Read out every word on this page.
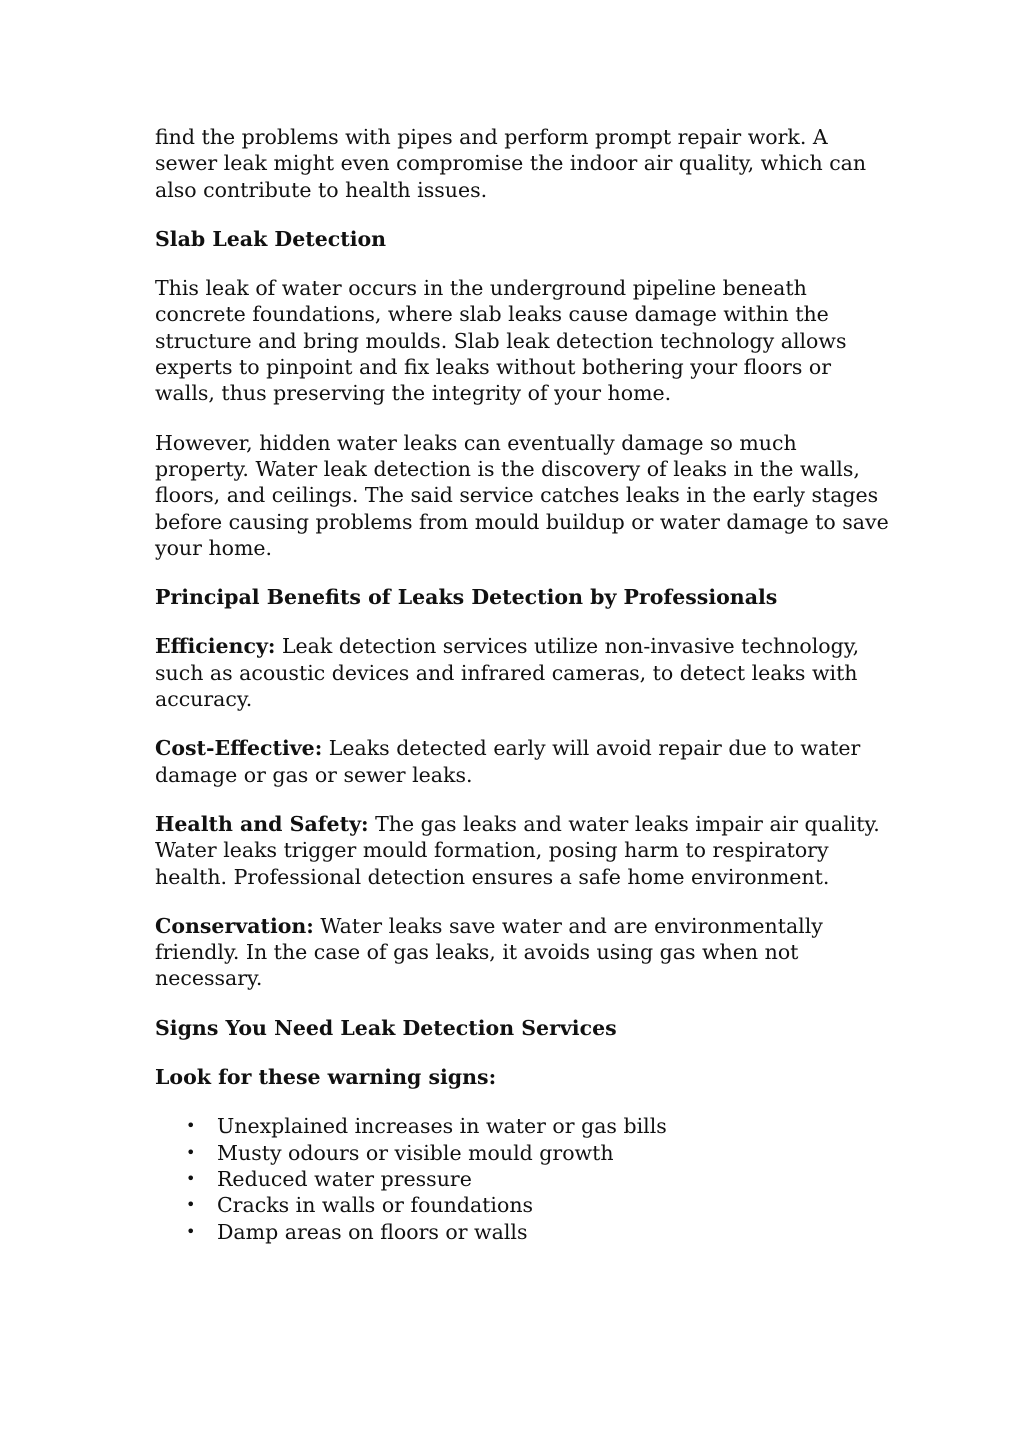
find the problems with pipes and perform prompt repair work. A sewer leak might even compromise the indoor air quality, which can also contribute to health issues.

Slab Leak Detection

This leak of water occurs in the underground pipeline beneath concrete foundations, where slab leaks cause damage within the structure and bring moulds. Slab leak detection technology allows experts to pinpoint and fix leaks without bothering your floors or walls, thus preserving the integrity of your home.

However, hidden water leaks can eventually damage so much property. Water leak detection is the discovery of leaks in the walls, floors, and ceilings. The said service catches leaks in the early stages before causing problems from mould buildup or water damage to save your home.

Principal Benefits of Leaks Detection by Professionals

Efficiency: Leak detection services utilize non-invasive technology, such as acoustic devices and infrared cameras, to detect leaks with accuracy.

Cost-Effective: Leaks detected early will avoid repair due to water damage or gas or sewer leaks.

Health and Safety: The gas leaks and water leaks impair air quality. Water leaks trigger mould formation, posing harm to respiratory health. Professional detection ensures a safe home environment.

Conservation: Water leaks save water and are environmentally friendly. In the case of gas leaks, it avoids using gas when not necessary.

Signs You Need Leak Detection Services
Look for these warning signs:
• Unexplained increases in water or gas bills
• Musty odours or visible mould growth
• Reduced water pressure
• Cracks in walls or foundations
• Damp areas on floors or walls
